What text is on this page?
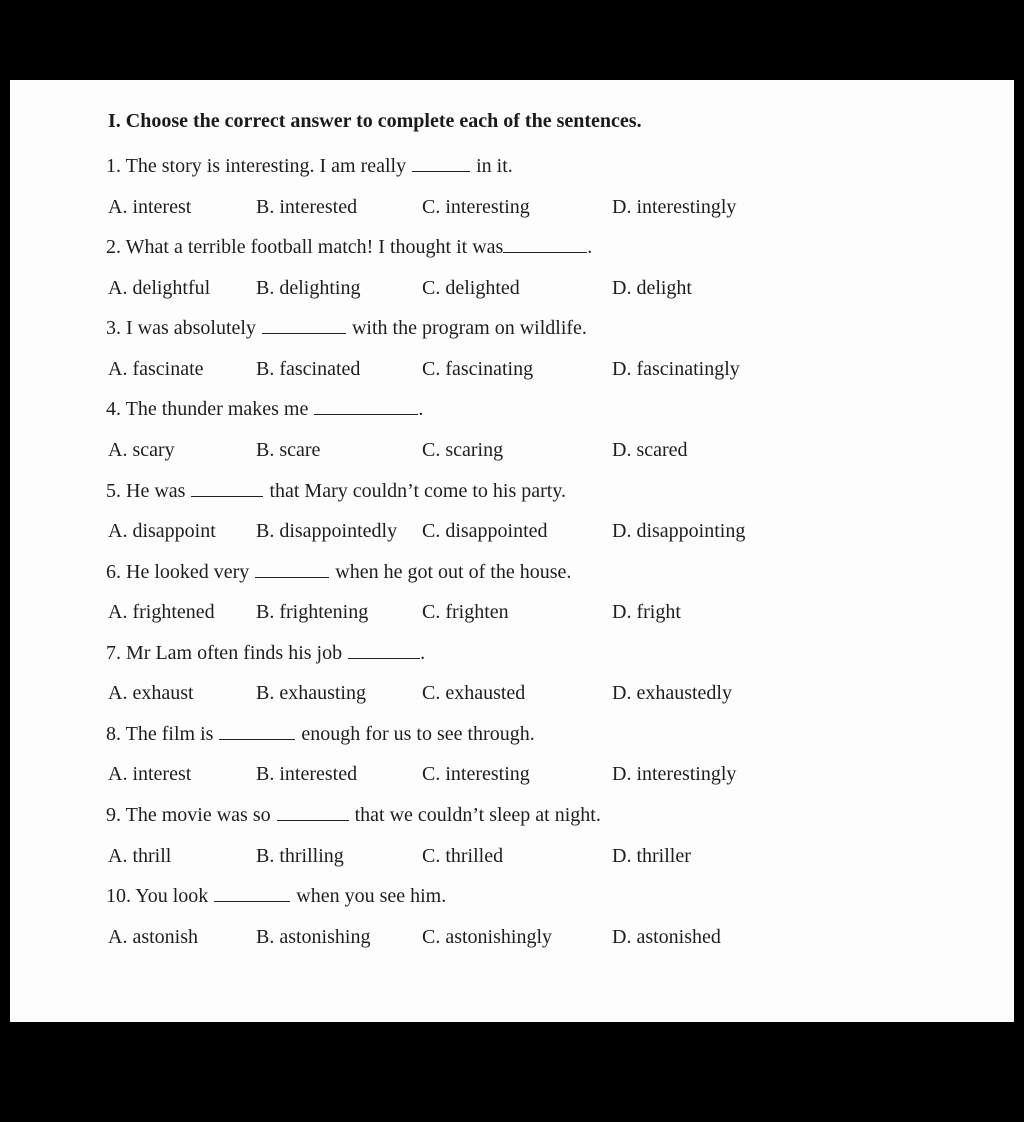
I. Choose the correct answer to complete each of the sentences.
1. The story is interesting. I am really	in it.
A. interest	B. interested	C. interesting	D. interestingly
2. What a terrible football match! I thought it was	.
A. delightful B. delighting	C. delighted	D. delight
3. I was absolutely	with the program on wildlife.
A. fascinate	B. fascinated	C. fascinating	D. fascinatingly
4. The thunder makes me	.
A. scary	B. scare	C. scaring	D. scared
5. He was	that Mary couldn’t come to his party.
A. disappoint B. disappointedly C. disappointed	D. disappointing
6. He looked very	when he got out of the house.
A. frightened B. frightening	C. frighten	D. fright
7. Mr Lam often finds his job	.
A. exhaust	B. exhausting	C. exhausted	D. exhaustedly
8. The film is	enough for us to see through.
A. interest	B. interested	C. interesting	D. interestingly
9. The movie was so	that we couldn’t sleep at night.
A. thrill	B. thrilling	C. thrilled	D. thriller
10. You look	when you see him.
A. astonish	B. astonishing	C. astonishingly	D. astonished
